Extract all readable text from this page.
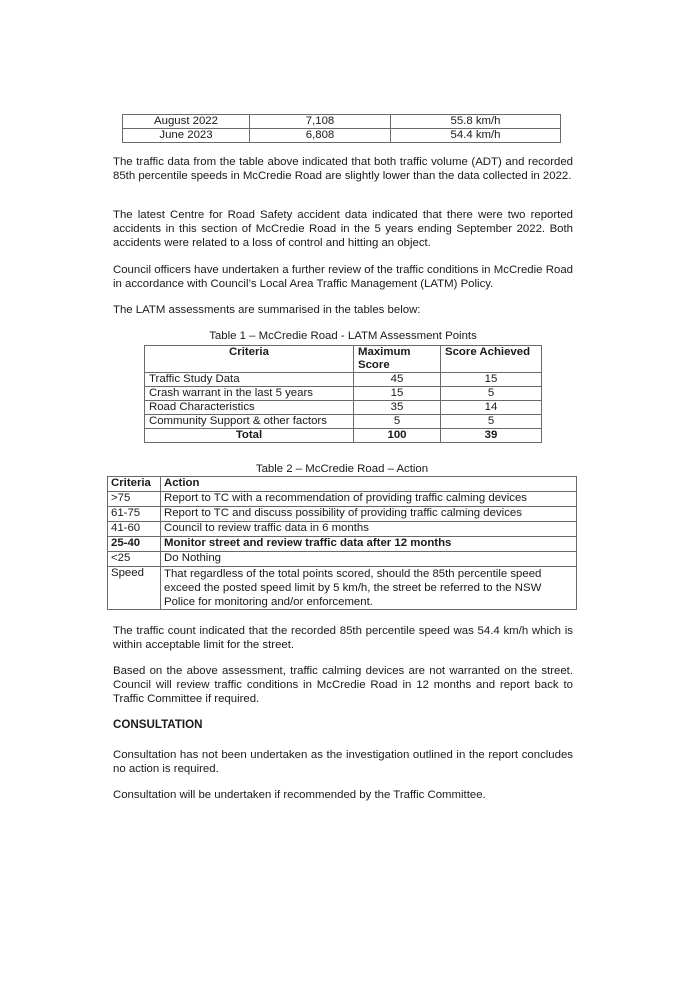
August 2022	7,108	55.8 km/h
June 2023	6,808	54.4 km/h

The traffic data from the table above indicated that both traffic volume (ADT) and recorded 85th percentile speeds in McCredie Road are slightly lower than the data collected in 2022.

The latest Centre for Road Safety accident data indicated that there were two reported accidents in this section of McCredie Road in the 5 years ending September 2022. Both accidents were related to a loss of control and hitting an object.

Council officers have undertaken a further review of the traffic conditions in McCredie Road in accordance with Council’s Local Area Traffic Management (LATM) Policy.

The LATM assessments are summarised in the tables below:

Table 1 – McCredie Road - LATM Assessment Points
Criteria	Maximum Score	Score Achieved
Traffic Study Data	45	15
Crash warrant in the last 5 years	15	5
Road Characteristics	35	14
Community Support & other factors	5	5
Total	100	39
Table 2 – McCredie Road – Action
Criteria	Action
>75	Report to TC with a recommendation of providing traffic calming devices
61-75	Report to TC and discuss possibility of providing traffic calming devices
41-60	Council to review traffic data in 6 months
25-40	Monitor street and review traffic data after 12 months
<25	Do Nothing
Speed	That regardless of the total points scored, should the 85th percentile speed exceed the posted speed limit by 5 km/h, the street be referred to the NSW Police for monitoring and/or enforcement.

The traffic count indicated that the recorded 85th percentile speed was 54.4 km/h which is within acceptable limit for the street.

Based on the above assessment, traffic calming devices are not warranted on the street. Council will review traffic conditions in McCredie Road in 12 months and report back to Traffic Committee if required.

CONSULTATION

Consultation has not been undertaken as the investigation outlined in the report concludes no action is required.

Consultation will be undertaken if recommended by the Traffic Committee.
